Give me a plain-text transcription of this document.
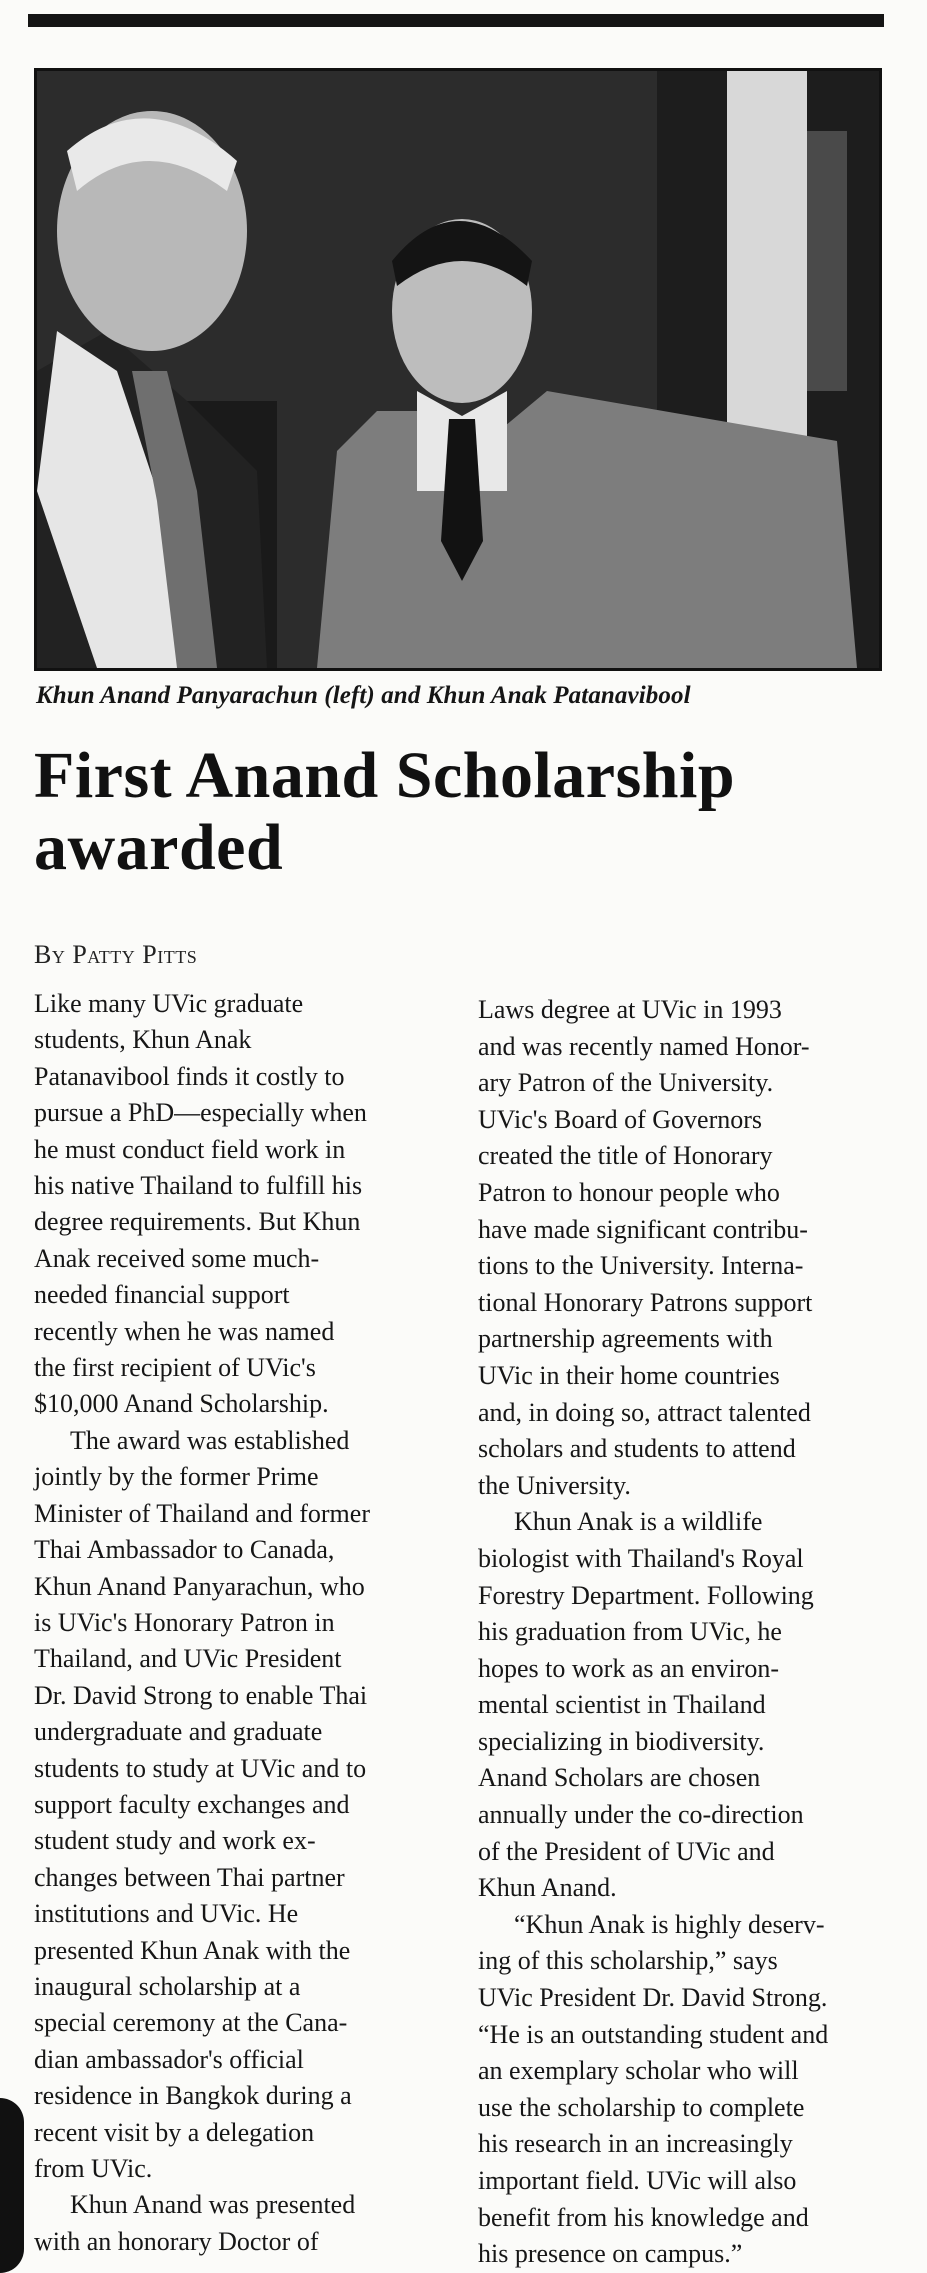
Khun Anand Panyarachun (left) and Khun Anak Patanavibool
First Anand Scholarship
awarded
By Patty Pitts
Like many UVic graduate
students, Khun Anak
Patanavibool finds it costly to
pursue a PhD—especially when
he must conduct field work in
his native Thailand to fulfill his
degree requirements. But Khun
Anak received some much-
needed financial support
recently when he was named
the first recipient of UVic's
$10,000 Anand Scholarship.
The award was established
jointly by the former Prime
Minister of Thailand and former
Thai Ambassador to Canada,
Khun Anand Panyarachun, who
is UVic's Honorary Patron in
Thailand, and UVic President
Dr. David Strong to enable Thai
undergraduate and graduate
students to study at UVic and to
support faculty exchanges and
student study and work ex-
changes between Thai partner
institutions and UVic. He
presented Khun Anak with the
inaugural scholarship at a
special ceremony at the Cana-
dian ambassador's official
residence in Bangkok during a
recent visit by a delegation
from UVic.
Khun Anand was presented
with an honorary Doctor of
Laws degree at UVic in 1993
and was recently named Honor-
ary Patron of the University.
UVic's Board of Governors
created the title of Honorary
Patron to honour people who
have made significant contribu-
tions to the University. Interna-
tional Honorary Patrons support
partnership agreements with
UVic in their home countries
and, in doing so, attract talented
scholars and students to attend
the University.
Khun Anak is a wildlife
biologist with Thailand's Royal
Forestry Department. Following
his graduation from UVic, he
hopes to work as an environ-
mental scientist in Thailand
specializing in biodiversity.
Anand Scholars are chosen
annually under the co-direction
of the President of UVic and
Khun Anand.
“Khun Anak is highly deserv-
ing of this scholarship,” says
UVic President Dr. David Strong.
“He is an outstanding student and
an exemplary scholar who will
use the scholarship to complete
his research in an increasingly
important field. UVic will also
benefit from his knowledge and
his presence on campus.”
